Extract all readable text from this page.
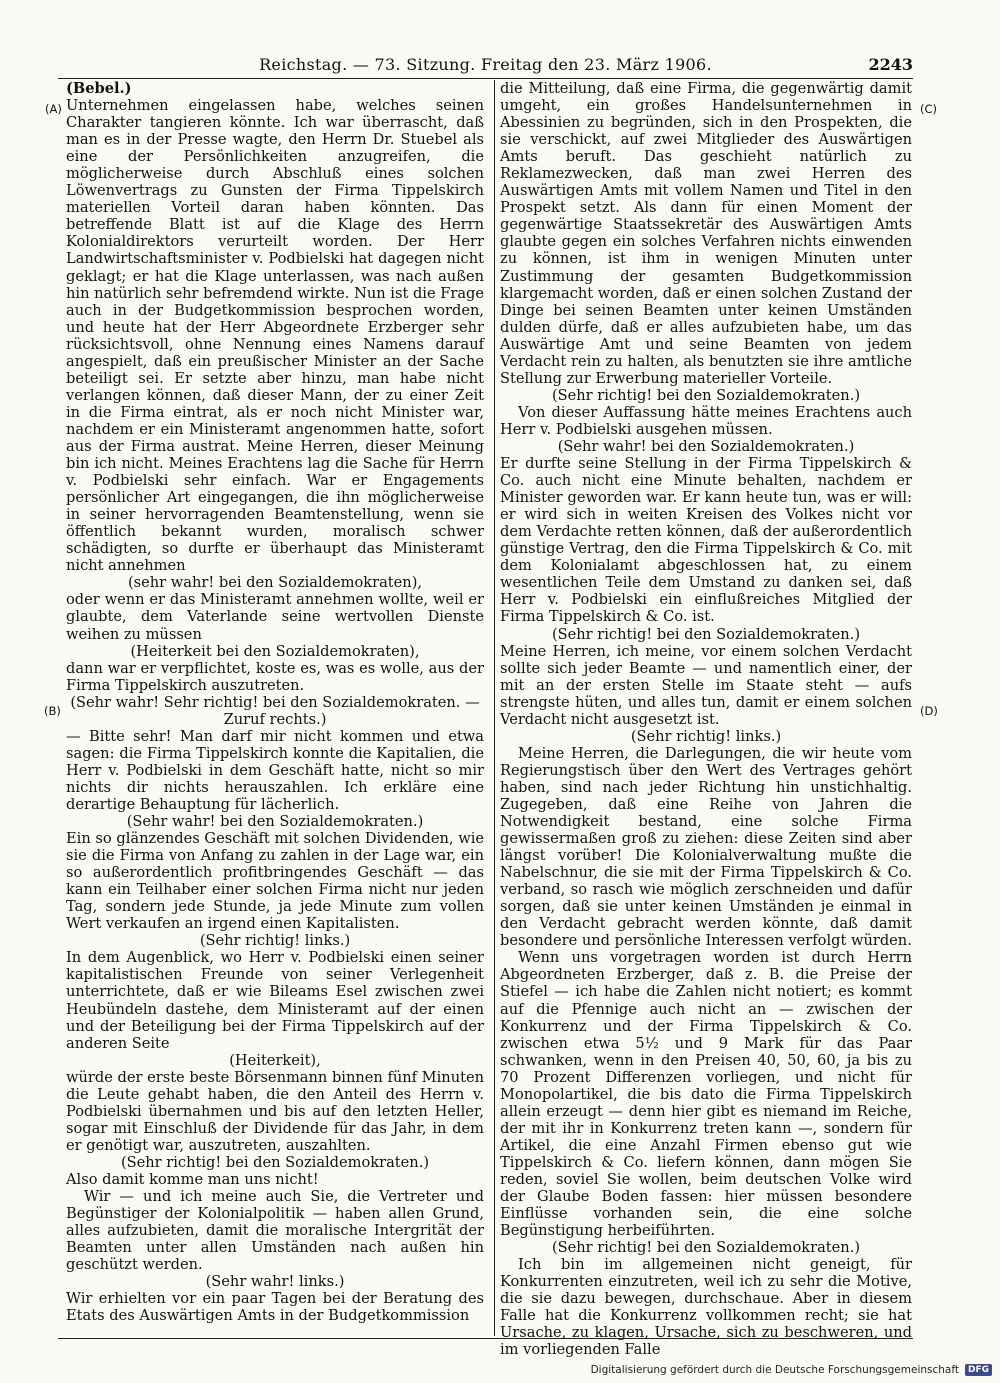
Reichstag. — 73. Sitzung. Freitag den 23. März 1906.	2243
(A)
(B)
(C)
(D)

(Bebel.)

Unternehmen eingelassen habe, welches seinen Charakter tangieren könnte. Ich war überrascht, daß man es in der Presse wagte, den Herrn Dr. Stuebel als eine der Persönlichkeiten anzugreifen, die möglicherweise durch Abschluß eines solchen Löwenvertrags zu Gunsten der Firma Tippelskirch materiellen Vorteil daran haben könnten. Das betreffende Blatt ist auf die Klage des Herrn Kolonialdirektors verurteilt worden. Der Herr Landwirtschaftsminister v. Podbielski hat dagegen nicht geklagt; er hat die Klage unterlassen, was nach außen hin natürlich sehr befremdend wirkte. Nun ist die Frage auch in der Budgetkommission besprochen worden, und heute hat der Herr Abgeordnete Erzberger sehr rücksichtsvoll, ohne Nennung eines Namens darauf angespielt, daß ein preußischer Minister an der Sache beteiligt sei. Er setzte aber hinzu, man habe nicht verlangen können, daß dieser Mann, der zu einer Zeit in die Firma eintrat, als er noch nicht Minister war, nachdem er ein Ministeramt angenommen hatte, sofort aus der Firma austrat. Meine Herren, dieser Meinung bin ich nicht. Meines Erachtens lag die Sache für Herrn v. Podbielski sehr einfach. War er Engagements persönlicher Art eingegangen, die ihn möglicherweise in seiner hervorragenden Beamtenstellung, wenn sie öffentlich bekannt wurden, moralisch schwer schädigten, so durfte er überhaupt das Ministeramt nicht annehmen

(sehr wahr! bei den Sozialdemokraten),

oder wenn er das Ministeramt annehmen wollte, weil er glaubte, dem Vaterlande seine wertvollen Dienste weihen zu müssen

(Heiterkeit bei den Sozialdemokraten),

dann war er verpflichtet, koste es, was es wolle, aus der Firma Tippelskirch auszutreten.

(Sehr wahr! Sehr richtig! bei den Sozialdemokraten. — Zuruf rechts.)

— Bitte sehr! Man darf mir nicht kommen und etwa sagen: die Firma Tippelskirch konnte die Kapitalien, die Herr v. Podbielski in dem Geschäft hatte, nicht so mir nichts dir nichts herauszahlen. Ich erkläre eine derartige Behauptung für lächerlich.

(Sehr wahr! bei den Sozialdemokraten.)

Ein so glänzendes Geschäft mit solchen Dividenden, wie sie die Firma von Anfang zu zahlen in der Lage war, ein so außerordentlich profitbringendes Geschäft — das kann ein Teilhaber einer solchen Firma nicht nur jeden Tag, sondern jede Stunde, ja jede Minute zum vollen Wert verkaufen an irgend einen Kapitalisten.

(Sehr richtig! links.)

In dem Augenblick, wo Herr v. Podbielski einen seiner kapitalistischen Freunde von seiner Verlegenheit unterrichtete, daß er wie Bileams Esel zwischen zwei Heubündeln dastehe, dem Ministeramt auf der einen und der Beteiligung bei der Firma Tippelskirch auf der anderen Seite

(Heiterkeit),

würde der erste beste Börsenmann binnen fünf Minuten die Leute gehabt haben, die den Anteil des Herrn v. Podbielski übernahmen und bis auf den letzten Heller, sogar mit Einschluß der Dividende für das Jahr, in dem er genötigt war, auszutreten, auszahlten.

(Sehr richtig! bei den Sozialdemokraten.)

Also damit komme man uns nicht!

Wir — und ich meine auch Sie, die Vertreter und Begünstiger der Kolonialpolitik — haben allen Grund, alles aufzubieten, damit die moralische Intergrität der Beamten unter allen Umständen nach außen hin geschützt werden.

(Sehr wahr! links.)

Wir erhielten vor ein paar Tagen bei der Beratung des Etats des Auswärtigen Amts in der Budgetkommission

die Mitteilung, daß eine Firma, die gegenwärtig damit umgeht, ein großes Handelsunternehmen in Abessinien zu begründen, sich in den Prospekten, die sie verschickt, auf zwei Mitglieder des Auswärtigen Amts beruft. Das geschieht natürlich zu Reklamezwecken, daß man zwei Herren des Auswärtigen Amts mit vollem Namen und Titel in den Prospekt setzt. Als dann für einen Moment der gegenwärtige Staatssekretär des Auswärtigen Amts glaubte gegen ein solches Verfahren nichts einwenden zu können, ist ihm in wenigen Minuten unter Zustimmung der gesamten Budgetkommission klargemacht worden, daß er einen solchen Zustand der Dinge bei seinen Beamten unter keinen Umständen dulden dürfe, daß er alles aufzubieten habe, um das Auswärtige Amt und seine Beamten von jedem Verdacht rein zu halten, als benutzten sie ihre amtliche Stellung zur Erwerbung materieller Vorteile.

(Sehr richtig! bei den Sozialdemokraten.)

Von dieser Auffassung hätte meines Erachtens auch Herr v. Podbielski ausgehen müssen.

(Sehr wahr! bei den Sozialdemokraten.)

Er durfte seine Stellung in der Firma Tippelskirch & Co. auch nicht eine Minute behalten, nachdem er Minister geworden war. Er kann heute tun, was er will: er wird sich in weiten Kreisen des Volkes nicht vor dem Verdachte retten können, daß der außerordentlich günstige Vertrag, den die Firma Tippelskirch & Co. mit dem Kolonialamt abgeschlossen hat, zu einem wesentlichen Teile dem Umstand zu danken sei, daß Herr v. Podbielski ein einflußreiches Mitglied der Firma Tippelskirch & Co. ist.

(Sehr richtig! bei den Sozialdemokraten.)

Meine Herren, ich meine, vor einem solchen Verdacht sollte sich jeder Beamte — und namentlich einer, der mit an der ersten Stelle im Staate steht — aufs strengste hüten, und alles tun, damit er einem solchen Verdacht nicht ausgesetzt ist.

(Sehr richtig! links.)

Meine Herren, die Darlegungen, die wir heute vom Regierungstisch über den Wert des Vertrages gehört haben, sind nach jeder Richtung hin unstichhaltig. Zugegeben, daß eine Reihe von Jahren die Notwendigkeit bestand, eine solche Firma gewissermaßen groß zu ziehen: diese Zeiten sind aber längst vorüber! Die Kolonialverwaltung mußte die Nabelschnur, die sie mit der Firma Tippelskirch & Co. verband, so rasch wie möglich zerschneiden und dafür sorgen, daß sie unter keinen Umständen je einmal in den Verdacht gebracht werden könnte, daß damit besondere und persönliche Interessen verfolgt würden.

Wenn uns vorgetragen worden ist durch Herrn Abgeordneten Erzberger, daß z. B. die Preise der Stiefel — ich habe die Zahlen nicht notiert; es kommt auf die Pfennige auch nicht an — zwischen der Konkurrenz und der Firma Tippelskirch & Co. zwischen etwa 5½ und 9 Mark für das Paar schwanken, wenn in den Preisen 40, 50, 60, ja bis zu 70 Prozent Differenzen vorliegen, und nicht für Monopolartikel, die bis dato die Firma Tippelskirch allein erzeugt — denn hier gibt es niemand im Reiche, der mit ihr in Konkurrenz treten kann —, sondern für Artikel, die eine Anzahl Firmen ebenso gut wie Tippelskirch & Co. liefern können, dann mögen Sie reden, soviel Sie wollen, beim deutschen Volke wird der Glaube Boden fassen: hier müssen besondere Einflüsse vorhanden sein, die eine solche Begünstigung herbeiführten.

(Sehr richtig! bei den Sozialdemokraten.)

Ich bin im allgemeinen nicht geneigt, für Konkurrenten einzutreten, weil ich zu sehr die Motive, die sie dazu bewegen, durchschaue. Aber in diesem Falle hat die Konkurrenz vollkommen recht; sie hat Ursache, zu klagen, Ursache, sich zu beschweren, und im vorliegenden Falle

Digitalisierung gefördert durch die Deutsche Forschungsgemeinschaft	DFG
